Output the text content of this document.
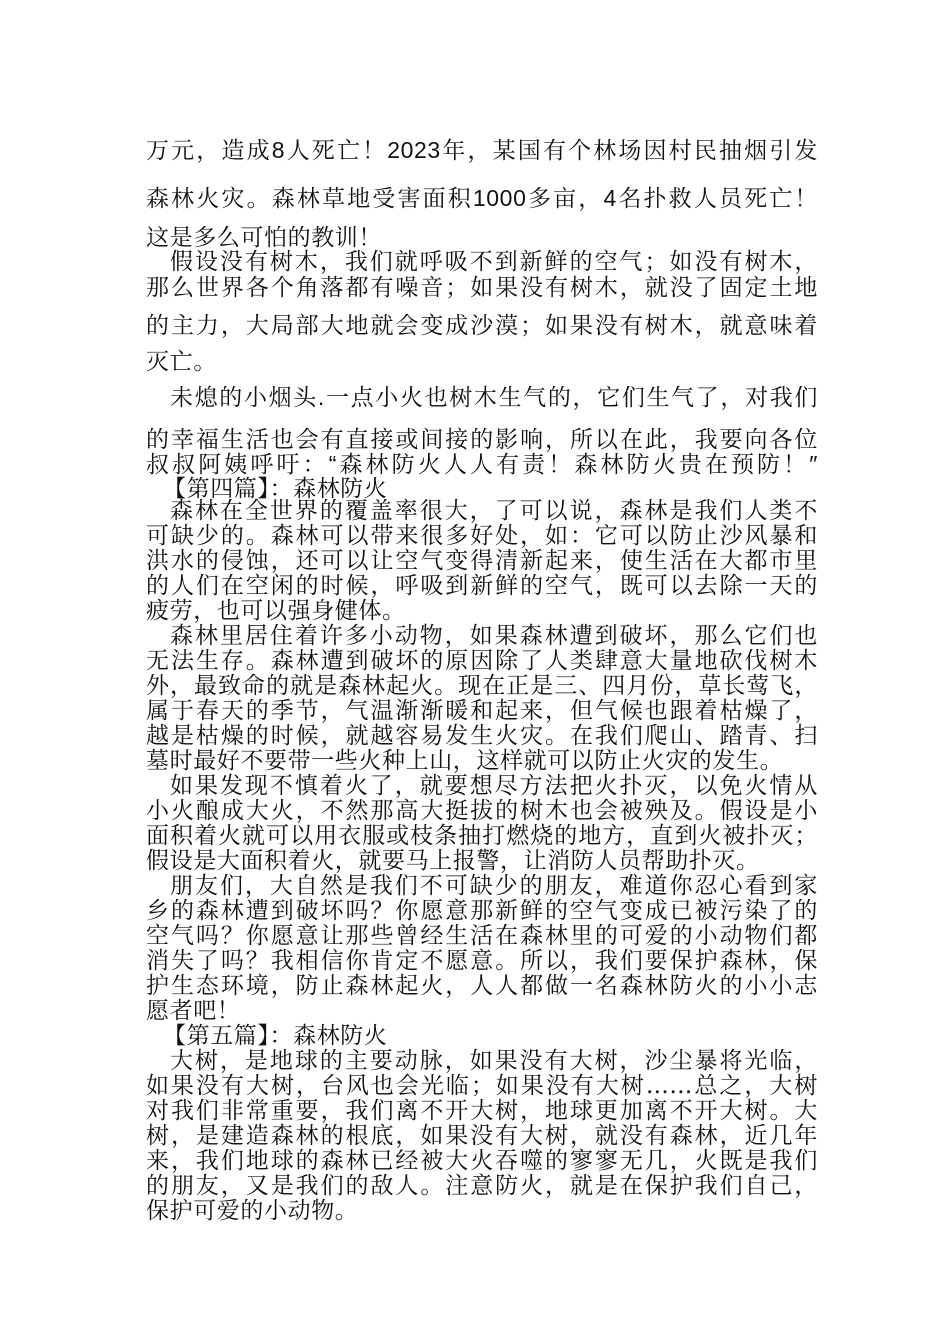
万元，造成8人死亡！2023年，某国有个林场因村民抽烟引发
森林火灾。森林草地受害面积1000多亩，4名扑救人员死亡！
这是多么可怕的教训！
假设没有树木，我们就呼吸不到新鲜的空气；如没有树木，
那么世界各个角落都有噪音；如果没有树木，就没了固定土地
的主力，大局部大地就会变成沙漠；如果没有树木，就意味着
灭亡。
未熄的小烟头.一点小火也树木生气的，它们生气了，对我们
的幸福生活也会有直接或间接的影响，所以在此，我要向各位
叔叔阿姨呼吁：“森林防火人人有责！森林防火贵在预防！″
【第四篇】：森林防火
森林在全世界的覆盖率很大，了可以说，森林是我们人类不
可缺少的。森林可以带来很多好处，如：它可以防止沙风暴和
洪水的侵蚀，还可以让空气变得清新起来，使生活在大都市里
的人们在空闲的时候，呼吸到新鲜的空气，既可以去除一天的
疲劳，也可以强身健体。
森林里居住着许多小动物，如果森林遭到破坏，那么它们也
无法生存。森林遭到破坏的原因除了人类肆意大量地砍伐树木
外，最致命的就是森林起火。现在正是三、四月份，草长莺飞，
属于春天的季节，气温渐渐暖和起来，但气候也跟着枯燥了，
越是枯燥的时候，就越容易发生火灾。在我们爬山、踏青、扫
墓时最好不要带一些火种上山，这样就可以防止火灾的发生。
如果发现不慎着火了，就要想尽方法把火扑灭，以免火情从
小火酿成大火，不然那高大挺拔的树木也会被殃及。假设是小
面积着火就可以用衣服或枝条抽打燃烧的地方，直到火被扑灭；
假设是大面积着火，就要马上报警，让消防人员帮助扑灭。
朋友们，大自然是我们不可缺少的朋友，难道你忍心看到家
乡的森林遭到破坏吗？你愿意那新鲜的空气变成已被污染了的
空气吗？你愿意让那些曾经生活在森林里的可爱的小动物们都
消失了吗？我相信你肯定不愿意。所以，我们要保护森林，保
护生态环境，防止森林起火，人人都做一名森林防火的小小志
愿者吧！
【第五篇】：森林防火
大树，是地球的主要动脉，如果没有大树，沙尘暴将光临，
如果没有大树，台风也会光临；如果没有大树……总之，大树
对我们非常重要，我们离不开大树，地球更加离不开大树。大
树，是建造森林的根底，如果没有大树，就没有森林，近几年
来，我们地球的森林已经被大火吞噬的寥寥无几，火既是我们
的朋友，又是我们的敌人。注意防火，就是在保护我们自己，
保护可爱的小动物。
